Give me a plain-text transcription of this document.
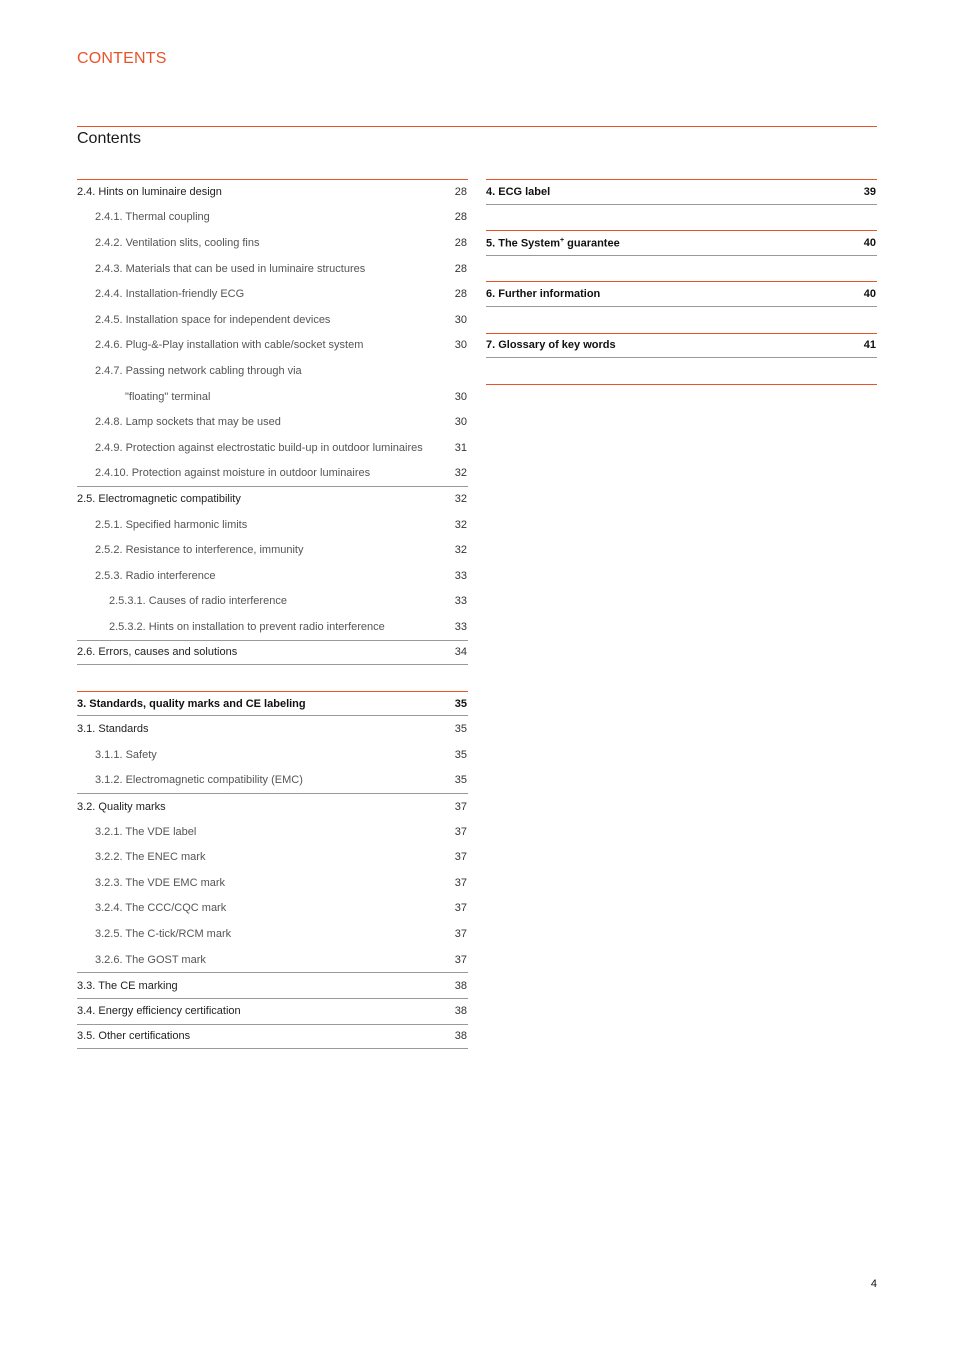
CONTENTS
Contents
2.4. Hints on luminaire design	28
2.4.1. Thermal coupling	28
2.4.2. Ventilation slits, cooling fins	28
2.4.3. Materials that can be used in luminaire structures	28
2.4.4. Installation-friendly ECG	28
2.4.5. Installation space for independent devices	30
2.4.6. Plug-&-Play installation with cable/socket system	30
2.4.7. Passing network cabling through via
"floating" terminal	30
2.4.8. Lamp sockets that may be used	30
2.4.9. Protection against electrostatic build-up in outdoor luminaires	31
2.4.10. Protection against moisture in outdoor luminaires	32
2.5. Electromagnetic compatibility	32
2.5.1. Specified harmonic limits	32
2.5.2. Resistance to interference, immunity	32
2.5.3. Radio interference	33
2.5.3.1. Causes of radio interference	33
2.5.3.2. Hints on installation to prevent radio interference	33
2.6. Errors, causes and solutions	34
3. Standards, quality marks and CE labeling	35
3.1. Standards	35
3.1.1. Safety	35
3.1.2. Electromagnetic compatibility (EMC)	35
3.2. Quality marks	37
3.2.1. The VDE label	37
3.2.2. The ENEC mark	37
3.2.3. The VDE EMC mark	37
3.2.4. The CCC/CQC mark	37
3.2.5. The C-tick/RCM mark	37
3.2.6. The GOST mark	37
3.3. The CE marking	38
3.4. Energy efficiency certification	38
3.5. Other certifications	38
4. ECG label	39
5. The System+ guarantee	40
6. Further information	40
7. Glossary of key words	41
4
